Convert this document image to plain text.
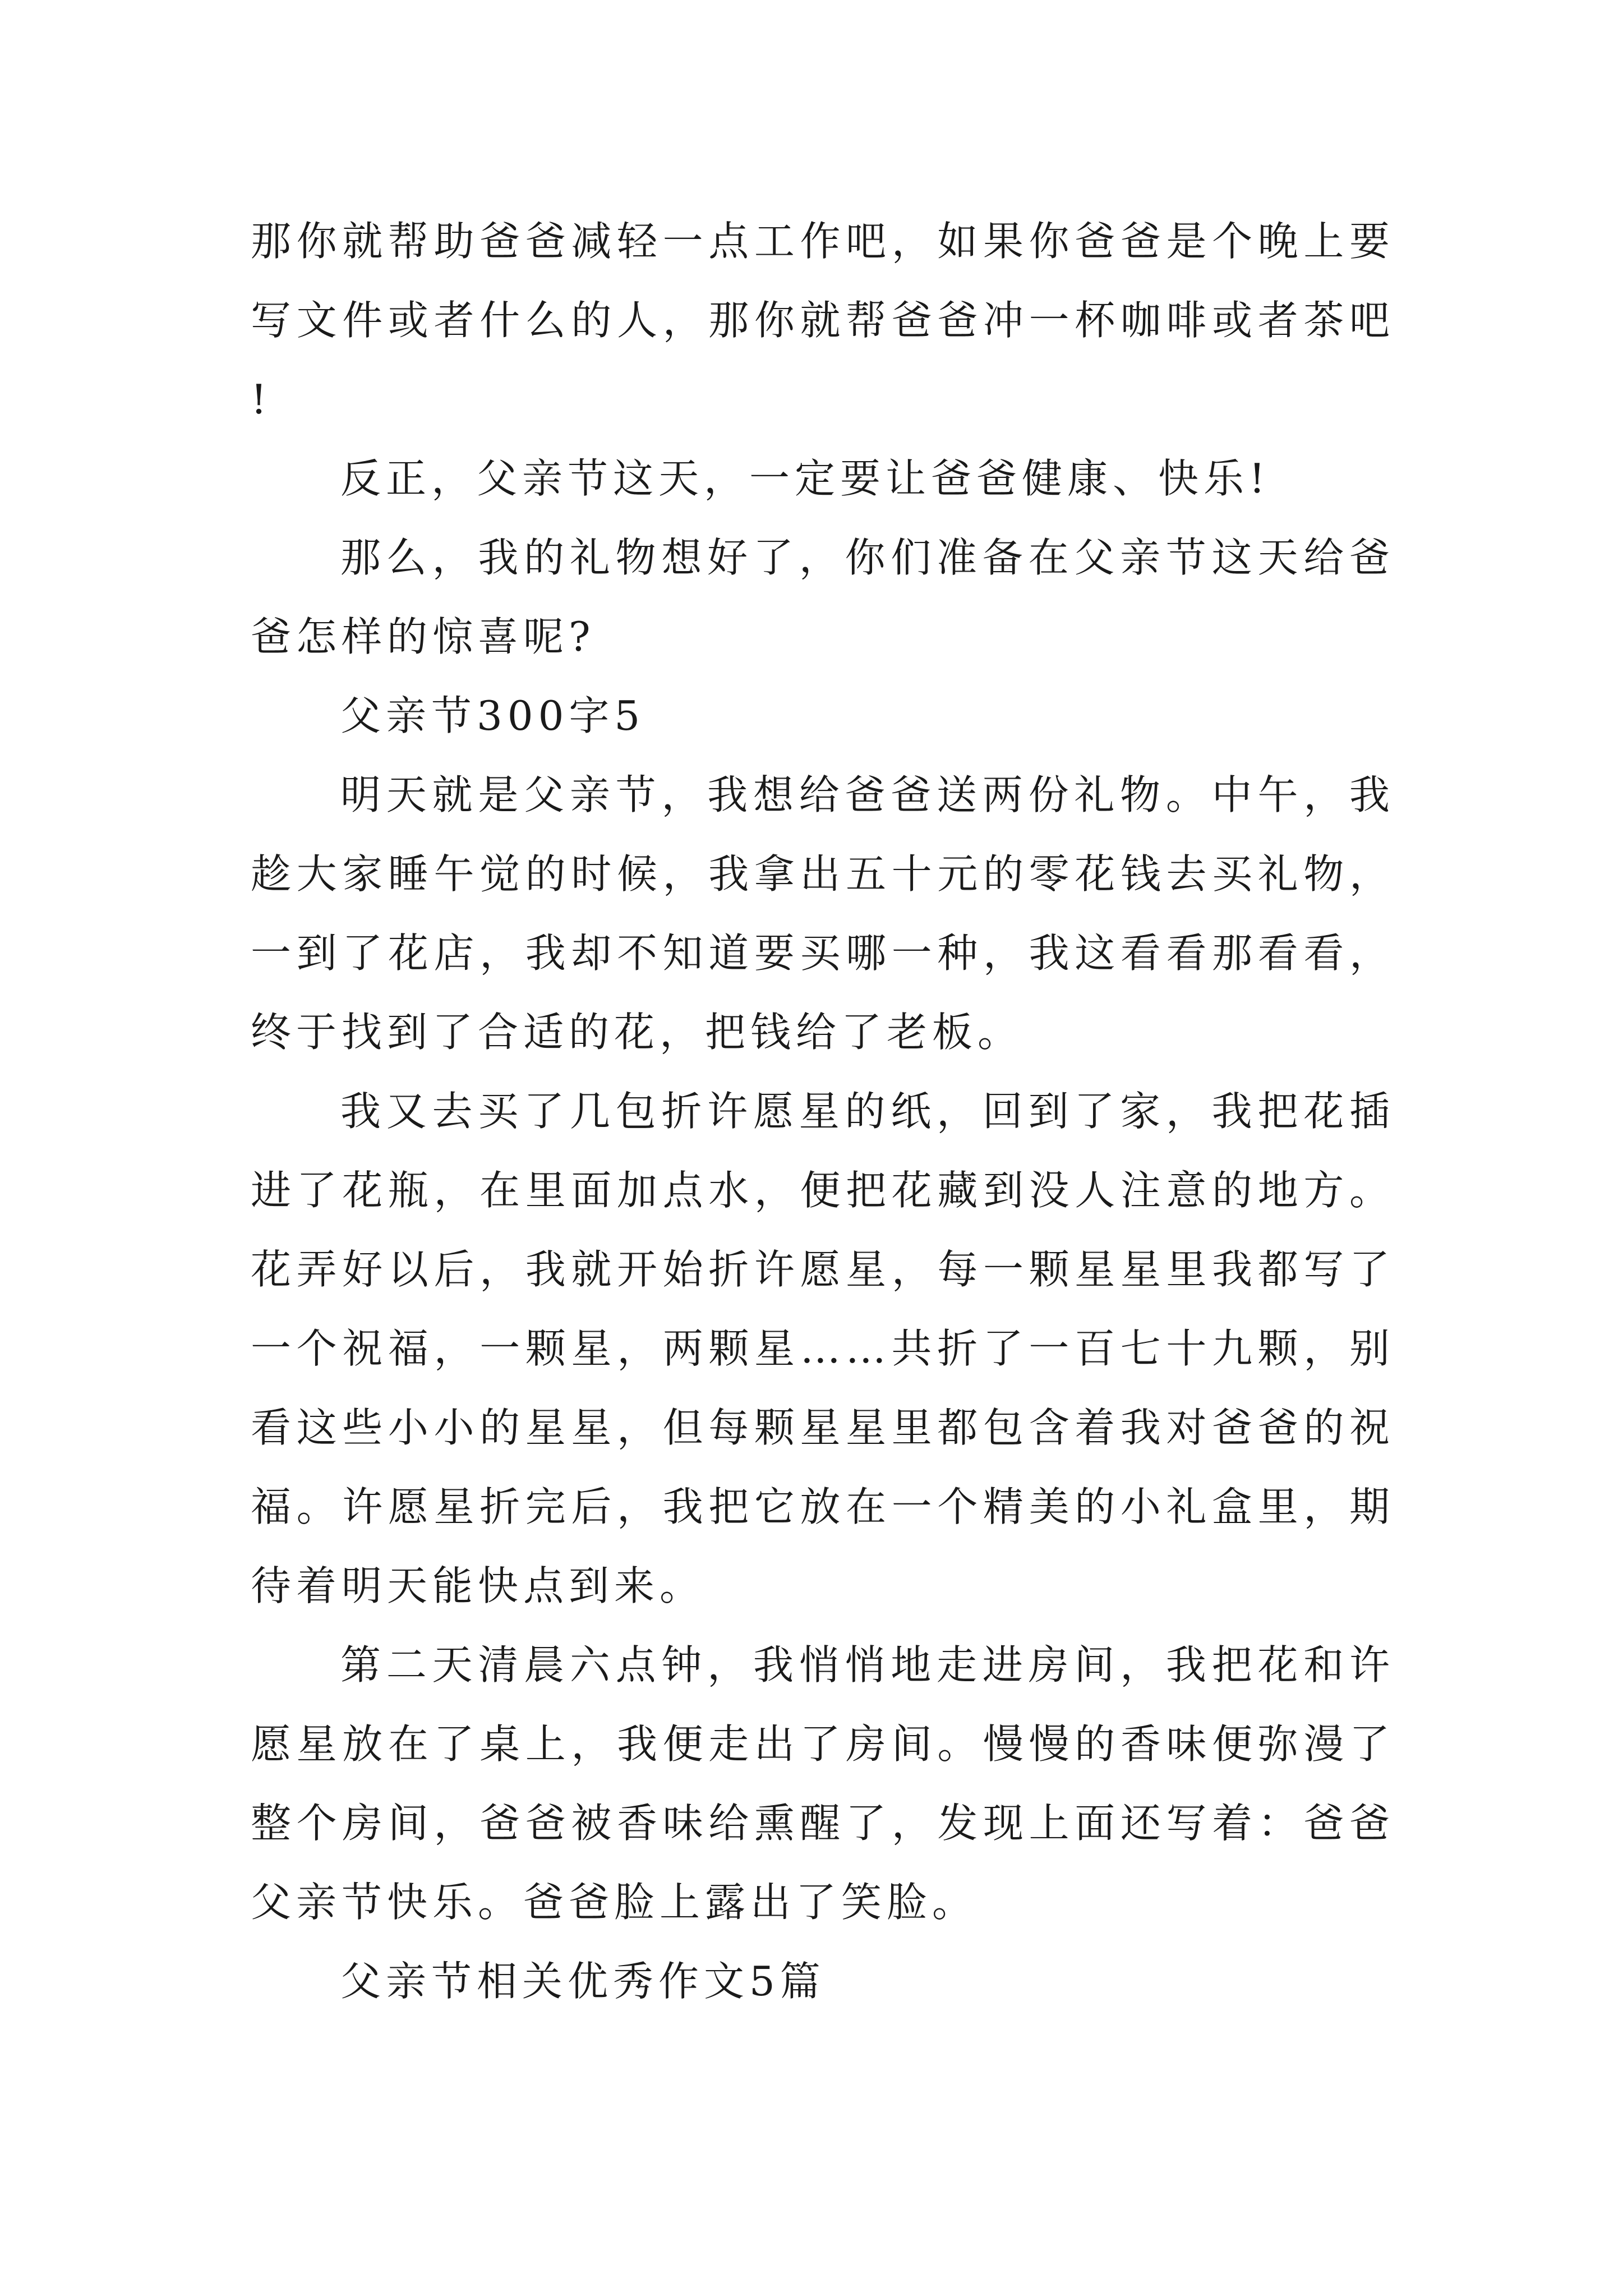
那你就帮助爸爸减轻一点工作吧，如果你爸爸是个晚上要写文件或者什么的人，那你就帮爸爸冲一杯咖啡或者茶吧!

反正，父亲节这天，一定要让爸爸健康、快乐!

那么，我的礼物想好了，你们准备在父亲节这天给爸爸怎样的惊喜呢?

父亲节300字5

明天就是父亲节，我想给爸爸送两份礼物。中午，我趁大家睡午觉的时候，我拿出五十元的零花钱去买礼物，一到了花店，我却不知道要买哪一种，我这看看那看看，终于找到了合适的花，把钱给了老板。

我又去买了几包折许愿星的纸，回到了家，我把花插进了花瓶，在里面加点水，便把花藏到没人注意的地方。花弄好以后，我就开始折许愿星，每一颗星星里我都写了一个祝福，一颗星，两颗星……共折了一百七十九颗，别看这些小小的星星，但每颗星星里都包含着我对爸爸的祝福。许愿星折完后，我把它放在一个精美的小礼盒里，期待着明天能快点到来。

第二天清晨六点钟，我悄悄地走进房间，我把花和许愿星放在了桌上，我便走出了房间。慢慢的香味便弥漫了整个房间，爸爸被香味给熏醒了，发现上面还写着：爸爸父亲节快乐。爸爸脸上露出了笑脸。

父亲节相关优秀作文5篇
